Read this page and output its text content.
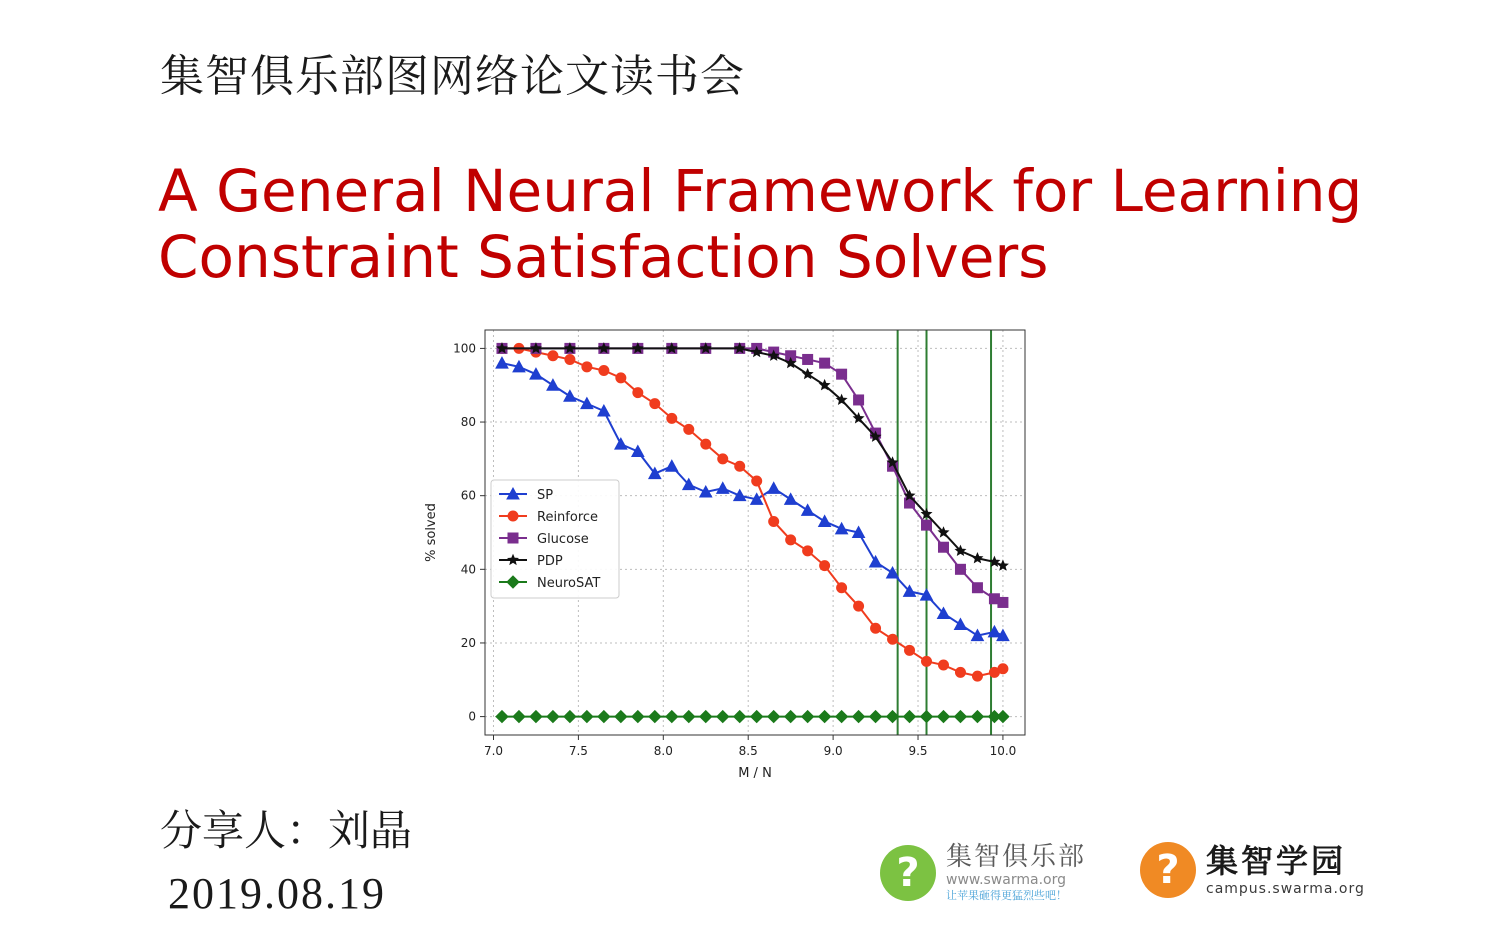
集智俱乐部图网络论文读书会
A General Neural Framework for Learning
Constraint Satisfaction Solvers
7.0	7.5	8.0	8.5	9.0	9.5	10.0
0
20
40
60
80
100
M / N
% solved
SP
Reinforce
Glucose
PDP
NeuroSAT
分享人：刘晶
2019.08.19	?	集智俱乐部
www.swarma.org
让苹果砸得更猛烈些吧！
? 集智学园
campus.swarma.org
